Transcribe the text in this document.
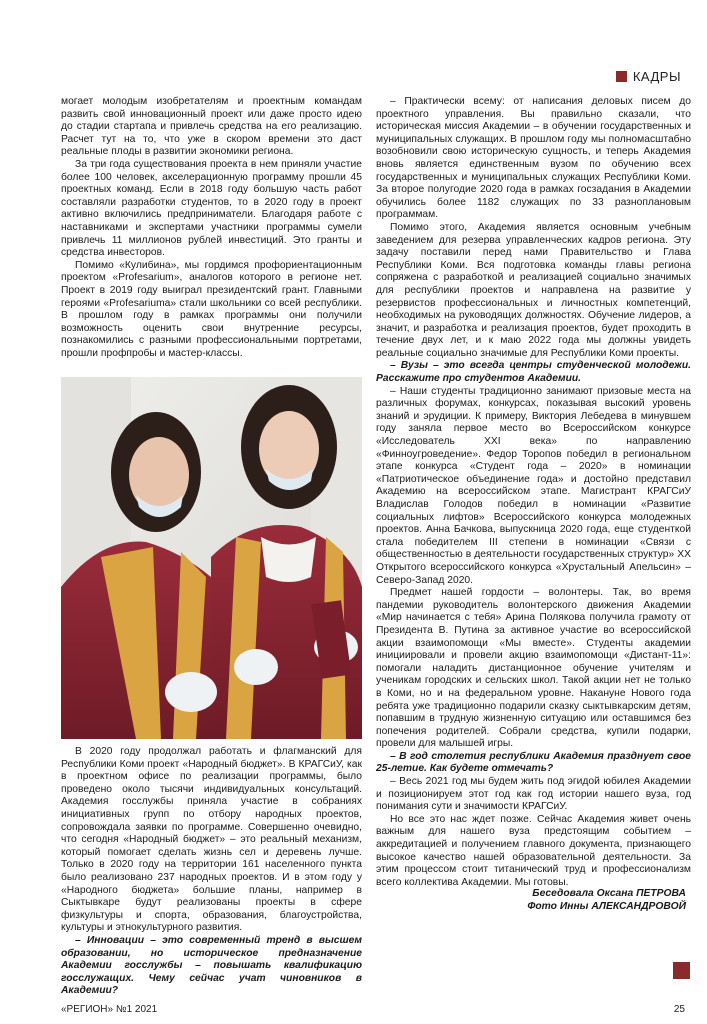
КАДРЫ

могает молодым изобретателям и проектным командам развить свой инновационный проект или даже просто идею до стадии стартапа и привлечь средства на его реализацию. Расчет тут на то, что уже в скором времени это даст реальные плоды в развитии экономики региона.

За три года существования проекта в нем приняли участие более 100 человек, акселерационную программу прошли 45 проектных команд. Если в 2018 году большую часть работ составляли разработки студентов, то в 2020 году в проект активно включились предприниматели. Благодаря работе с наставниками и экспертами участники программы сумели привлечь 11 миллионов рублей инвестиций. Это гранты и средства инвесторов.

Помимо «Кулибина», мы гордимся профориентационным проектом «Profesarium», аналогов которого в регионе нет. Проект в 2019 году выиграл президентский грант. Главными героями «Profesariumа» стали школьники со всей республики. В прошлом году в рамках программы они получили возможность оценить свои внутренние ресурсы, познакомились с разными профессиональными портретами, прошли профпробы и мастер-классы.

В 2020 году продолжал работать и флагманский для Республики Коми проект «Народный бюджет». В КРАГСиУ, как в проектном офисе по реализации программы, было проведено около тысячи индивидуальных консультаций. Академия госслужбы приняла участие в собраниях инициативных групп по отбору народных проектов, сопровождала заявки по программе. Совершенно очевидно, что сегодня «Народный бюджет» – это реальный механизм, который помогает сделать жизнь сел и деревень лучше. Только в 2020 году на территории 161 населенного пункта было реализовано 237 народных проектов. И в этом году у «Народного бюджета» большие планы, например в Сыктывкаре будут реализованы проекты в сфере физкультуры и спорта, образования, благоустройства, культуры и этнокультурного развития.

– Инновации – это современный тренд в высшем образовании, но историческое предназначение Академии госслужбы – повышать квалификацию госслужащих. Чему сейчас учат чиновников в Академии?

– Практически всему: от написания деловых писем до проектного управления. Вы правильно сказали, что историческая миссия Академии – в обучении государственных и муниципальных служащих. В прошлом году мы полномасштабно возобновили свою историческую сущность, и теперь Академия вновь является единственным вузом по обучению всех государственных и муниципальных служащих Республики Коми. За второе полугодие 2020 года в рамках госзадания в Академии обучились более 1182 служащих по 33 разноплановым программам.

Помимо этого, Академия является основным учебным заведением для резерва управленческих кадров региона. Эту задачу поставили перед нами Правительство и Глава Республики Коми. Вся подготовка команды главы региона сопряжена с разработкой и реализацией социально значимых для республики проектов и направлена на развитие у резервистов профессиональных и личностных компетенций, необходимых на руководящих должностях. Обучение лидеров, а значит, и разработка и реализация проектов, будет проходить в течение двух лет, и к маю 2022 года мы должны увидеть реальные социально значимые для Республики Коми проекты.

– Вузы – это всегда центры студенческой молодежи. Расскажите про студентов Академии.

– Наши студенты традиционно занимают призовые места на различных форумах, конкурсах, показывая высокий уровень знаний и эрудиции. К примеру, Виктория Лебедева в минувшем году заняла первое место во Всероссийском конкурсе «Исследователь XXI века» по направлению «Финноугроведение». Федор Торопов победил в региональном этапе конкурса «Студент года – 2020» в номинации «Патриотическое объединение года» и достойно представил Академию на всероссийском этапе. Магистрант КРАГСиУ Владислав Голодов победил в номинации «Развитие социальных лифтов» Всероссийского конкурса молодежных проектов. Анна Бачкова, выпускница 2020 года, еще студенткой стала победителем III степени в номинации «Связи с общественностью в деятельности государственных структур» XX Открытого всероссийского конкурса «Хрустальный Апельсин» – Северо-Запад 2020.

Предмет нашей гордости – волонтеры. Так, во время пандемии руководитель волонтерского движения Академии «Мир начинается с тебя» Арина Полякова получила грамоту от Президента В. Путина за активное участие во всероссийской акции взаимопомощи «Мы вместе». Студенты академии инициировали и провели акцию взаимопомощи «Дистант-11»: помогали наладить дистанционное обучение учителям и ученикам городских и сельских школ. Такой акции нет не только в Коми, но и на федеральном уровне. Накануне Нового года ребята уже традиционно подарили сказку сыктывкарским детям, попавшим в трудную жизненную ситуацию или оставшимся без попечения родителей. Собрали средства, купили подарки, провели для малышей игры.

– В год столетия республики Академия празднует свое 25-летие. Как будете отмечать?

– Весь 2021 год мы будем жить под эгидой юбилея Академии и позиционируем этот год как год истории нашего вуза, год понимания сути и значимости КРАГСиУ.

Но все это нас ждет позже. Сейчас Академия живет очень важным для нашего вуза предстоящим событием – аккредитацией и получением главного документа, признающего высокое качество нашей образовательной деятельности. За этим процессом стоит титанический труд и профессионализм всего коллектива Академии. Мы готовы.

Беседовала Оксана ПЕТРОВА
Фото Инны АЛЕКСАНДРОВОЙ
«РЕГИОН» №1 2021	25
